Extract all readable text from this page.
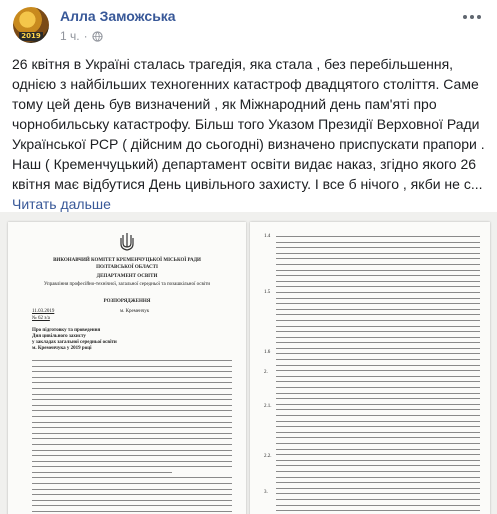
2019
Алла Заможська
1 ч. ·

26 квітня в Україні сталась трагедія, яка стала , без перебільшення, однією з найбільших техногенних катастроф двадцятого століття. Саме тому цей день був визначений , як Міжнародний день пам'яті про чорнобильську катастрофу. Більш того Указом Президії Верховної Ради Української РСР ( дійсним до сьогодні) визначено приспускати прапори . Наш ( Кременчуцький) департамент освіти видає наказ, згідно якого 26 квітня має відбутися День цивільного захисту. І все б нічого , якби не с...

Читать дальше

ВИКОНАВЧИЙ КОМІТЕТ КРЕМЕНЧУЦЬКОЇ МІСЬКОЇ РАДИ
ПОЛТАВСЬКОЇ ОБЛАСТІ
ДЕПАРТАМЕНТ ОСВІТИ
Управління професійно-технічної, загальної середньої та позашкільної освіти
РОЗПОРЯДЖЕННЯ
11.03.2019	м. Кременчук
№ 62 з/а
Про підготовку та проведення
Дня цивільного захисту
у закладах загальної середньої освіти
м. Кременчука у 2019 році
1.4
1.5
1.6
2.
2.1.
2.2.
3.
